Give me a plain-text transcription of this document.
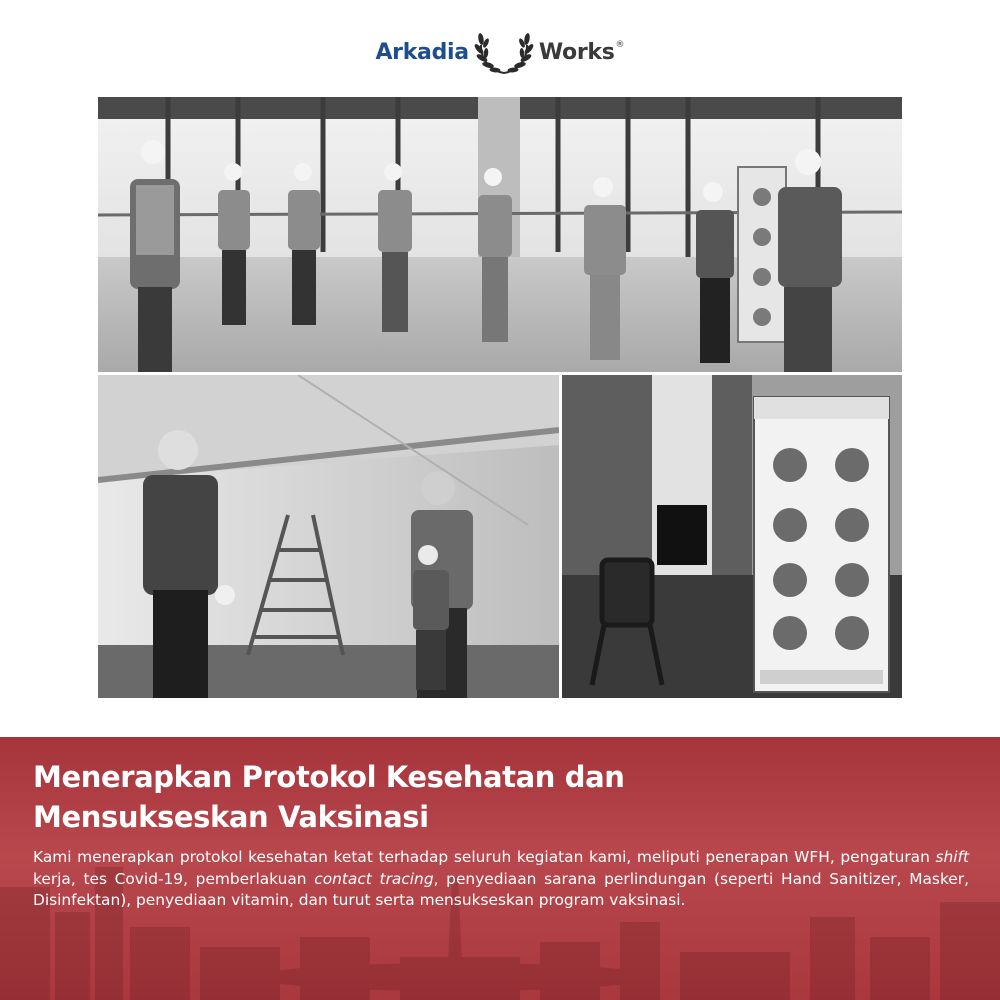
Arkadia	Works ®
Menerapkan Protokol Kesehatan dan
Mensukseskan Vaksinasi

Kami menerapkan protokol kesehatan ketat terhadap seluruh kegiatan kami, meliputi penerapan WFH, pengaturan shift kerja, tes Covid-19, pemberlakuan contact tracing, penyediaan sarana perlindungan (seperti Hand Sanitizer, Masker, Disinfektan), penyediaan vitamin, dan turut serta mensukseskan program vaksinasi.
